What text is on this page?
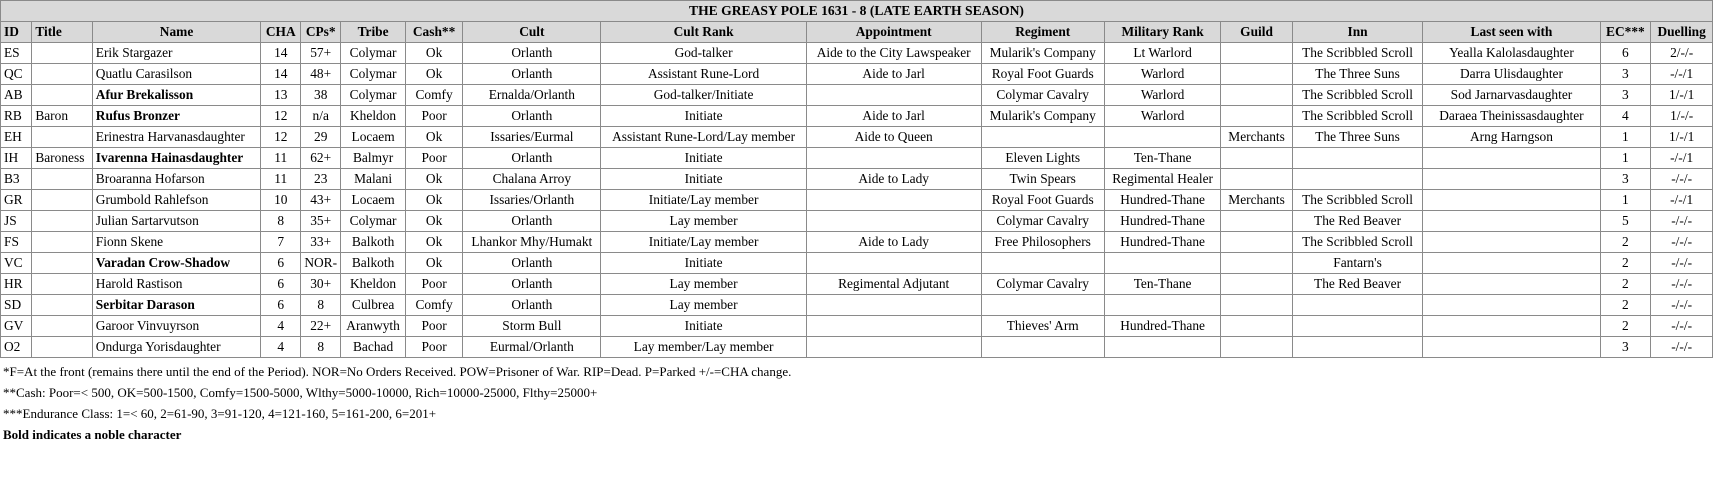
THE GREASY POLE 1631 - 8 (LATE EARTH SEASON)																
ID	Title	Name	CHA	CPs*	Tribe	Cash**	Cult	Cult Rank	Appointment	Regiment	Military Rank	Guild	Inn	Last seen with	EC***	Duelling
ES		Erik Stargazer	14	57+	Colymar	Ok	Orlanth	God-talker	Aide to the City Lawspeaker	Mularik's Company	Lt Warlord		The Scribbled Scroll	Yealla Kalolasdaughter	6	2/-/-
QC		Quatlu Carasilson	14	48+	Colymar	Ok	Orlanth	Assistant Rune-Lord	Aide to Jarl	Royal Foot Guards	Warlord		The Three Suns	Darra Ulisdaughter	3	-/-/1
AB		Afur Brekalisson	13	38	Colymar	Comfy	Ernalda/Orlanth	God-talker/Initiate		Colymar Cavalry	Warlord		The Scribbled Scroll	Sod Jarnarvasdaughter	3	1/-/1
RB	Baron	Rufus Bronzer	12	n/a	Kheldon	Poor	Orlanth	Initiate	Aide to Jarl	Mularik's Company	Warlord		The Scribbled Scroll	Daraea Theinissasdaughter	4	1/-/-
EH		Erinestra Harvanasdaughter	12	29	Locaem	Ok	Issaries/Eurmal	Assistant Rune-Lord/Lay member	Aide to Queen			Merchants	The Three Suns	Arng Harngson	1	1/-/1
IH	Baroness	Ivarenna Hainasdaughter	11	62+	Balmyr	Poor	Orlanth	Initiate		Eleven Lights	Ten-Thane				1	-/-/1
B3		Broaranna Hofarson	11	23	Malani	Ok	Chalana Arroy	Initiate	Aide to Lady	Twin Spears	Regimental Healer				3	-/-/-
GR		Grumbold Rahlefson	10	43+	Locaem	Ok	Issaries/Orlanth	Initiate/Lay member		Royal Foot Guards	Hundred-Thane	Merchants	The Scribbled Scroll		1	-/-/1
JS		Julian Sartarvutson	8	35+	Colymar	Ok	Orlanth	Lay member		Colymar Cavalry	Hundred-Thane		The Red Beaver		5	-/-/-
FS		Fionn Skene	7	33+	Balkoth	Ok	Lhankor Mhy/Humakt	Initiate/Lay member	Aide to Lady	Free Philosophers	Hundred-Thane		The Scribbled Scroll		2	-/-/-
VC		Varadan Crow-Shadow	6	NOR-	Balkoth	Ok	Orlanth	Initiate					Fantarn's		2	-/-/-
HR		Harold Rastison	6	30+	Kheldon	Poor	Orlanth	Lay member	Regimental Adjutant	Colymar Cavalry	Ten-Thane		The Red Beaver		2	-/-/-
SD		Serbitar Darason	6	8	Culbrea	Comfy	Orlanth	Lay member							2	-/-/-
GV		Garoor Vinvuyrson	4	22+	Aranwyth	Poor	Storm Bull	Initiate		Thieves' Arm	Hundred-Thane				2	-/-/-
O2		Ondurga Yorisdaughter	4	8	Bachad	Poor	Eurmal/Orlanth	Lay member/Lay member							3	-/-/-
*F=At the front (remains there until the end of the Period). NOR=No Orders Received. POW=Prisoner of War. RIP=Dead. P=Parked +/-=CHA change.
**Cash: Poor=< 500, OK=500-1500, Comfy=1500-5000, Wlthy=5000-10000, Rich=10000-25000, Flthy=25000+
***Endurance Class: 1=< 60, 2=61-90, 3=91-120, 4=121-160, 5=161-200, 6=201+
Bold indicates a noble character
